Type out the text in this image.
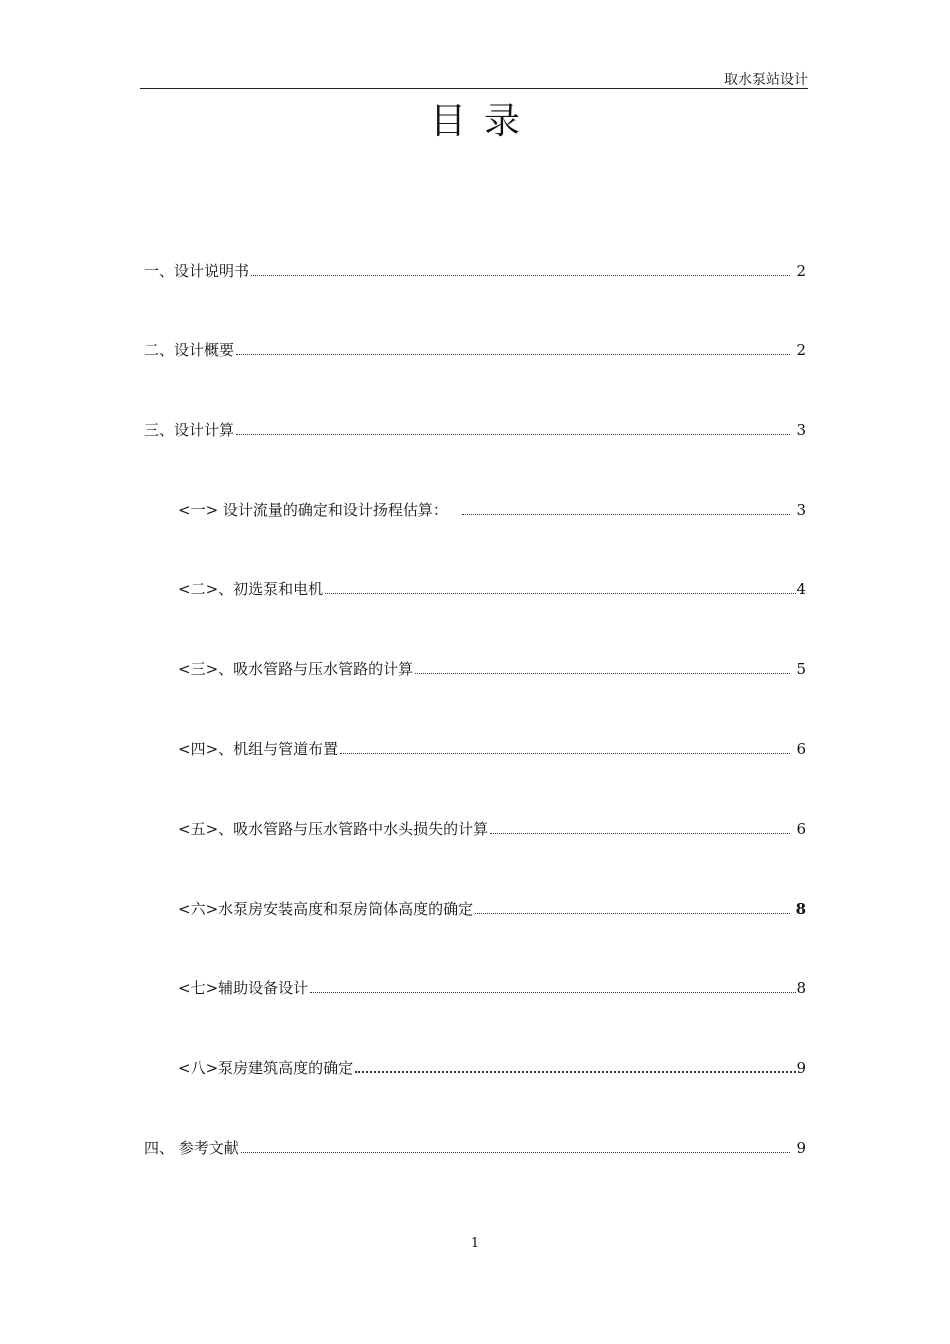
取水泵站设计
目录
一、设计说明书	2
二、设计概要	2
三、设计计算	3
<一> 设计流量的确定和设计扬程估算：	3
<二>、初选泵和电机	4
<三>、吸水管路与压水管路的计算	5
<四>、机组与管道布置	6
<五>、吸水管路与压水管路中水头损失的计算	6
<六>水泵房安装高度和泵房筒体高度的确定	8
<七>辅助设备设计	8
<八>泵房建筑高度的确定	9
四、 参考文献	9
1
